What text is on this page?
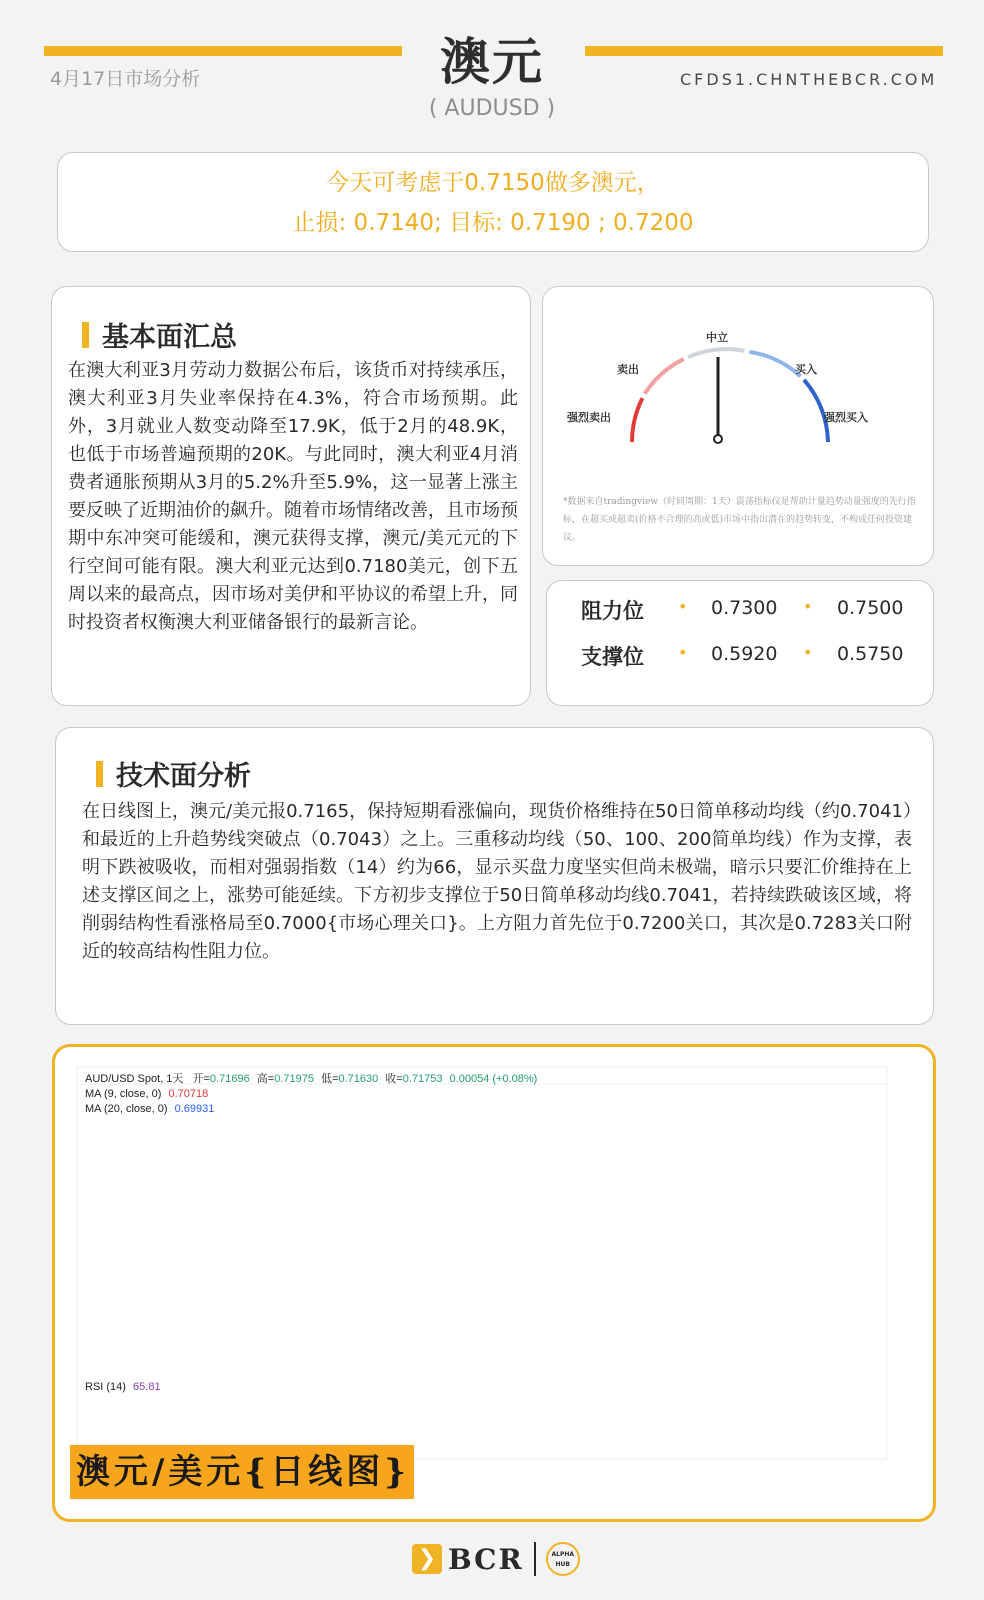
4月17日市场分析	澳元
( AUDUSD )
CFDS1.CHNTHEBCR.COM
今天可考虑于0.7150做多澳元，
止损: 0.7140; 目标: 0.7190 ; 0.7200
基本面汇总
在澳大利亚3月劳动力数据公布后，该货币对持续承压，澳大利亚3月失业率保持在4.3%，符合市场预期。此外，3月就业人数变动降至17.9K，低于2月的48.9K，也低于市场普遍预期的20K。与此同时，澳大利亚4月消费者通胀预期从3月的5.2%升至5.9%，这一显著上涨主要反映了近期油价的飙升。随着市场情绪改善，且市场预期中东冲突可能缓和，澳元获得支撑，澳元/美元元的下行空间可能有限。澳大利亚元达到0.7180美元，创下五周以来的最高点，因市场对美伊和平协议的希望上升，同时投资者权衡澳大利亚储备银行的最新言论。
强烈卖出
卖出
中立
买入
强烈买入
*数据来自tradingview（时间周期：1天）震荡指标仪是帮助计量趋势动量强度的先行指标，在超买或超卖(价格不合理的高或低)市场中指出潜在的趋势转变，不构成任何投资建议。
阻力位 • 0.7300 • 0.7500
支撑位 • 0.5920 • 0.5750
技术面分析
在日线图上，澳元/美元报0.7165，保持短期看涨偏向，现货价格维持在50日简单移动均线（约0.7041）和最近的上升趋势线突破点（0.7043）之上。三重移动均线（50、100、200简单均线）作为支撑，表明下跌被吸收，而相对强弱指数（14）约为66，显示买盘力度坚实但尚未极端，暗示只要汇价维持在上述支撑区间之上，涨势可能延续。下方初步支撑位于50日简单移动均线0.7041，若持续跌破该区域，将削弱结构性看涨格局至0.7000{市场心理关口}。上方阻力首先位于0.7200关口，其次是0.7283关口附近的较高结构性阻力位。
AUD/USD Spot, 1天 开=0.71696 高=0.71975 低=0.71630 收=0.71753 0.00054 (+0.08%)
MA (9, close, 0) 0.70718
MA (20, close, 0) 0.69931
RSI (14) 65.81
澳元/美元{日线图}
❯ BCR	ALPHA HUB
